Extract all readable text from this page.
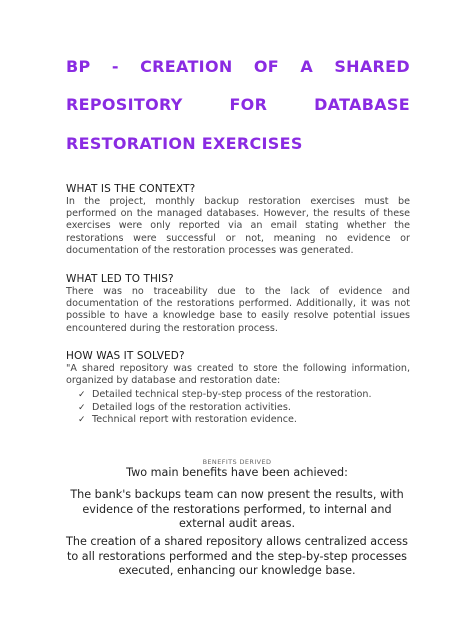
BP - CREATION OF A SHARED
REPOSITORY	FOR	DATABASE
RESTORATION EXERCISES
WHAT IS THE CONTEXT?
In the project, monthly backup restoration exercises must be performed on the managed databases. However, the results of these exercises were only reported via an email stating whether the restorations were successful or not, meaning no evidence or documentation of the restoration processes was generated.
WHAT LED TO THIS?
There was no traceability due to the lack of evidence and documentation of the restorations performed. Additionally, it was not possible to have a knowledge base to easily resolve potential issues encountered during the restoration process.
HOW WAS IT SOLVED?
"A shared repository was created to store the following information, organized by database and restoration date:
✓ Detailed technical step-by-step process of the restoration.
✓ Detailed logs of the restoration activities.
✓ Technical report with restoration evidence.
BENEFITS DERIVED
Two main benefits have been achieved:
The bank's backups team can now present the results, with evidence of the restorations performed, to internal and external audit areas.
The creation of a shared repository allows centralized access to all restorations performed and the step-by-step processes executed, enhancing our knowledge base.
